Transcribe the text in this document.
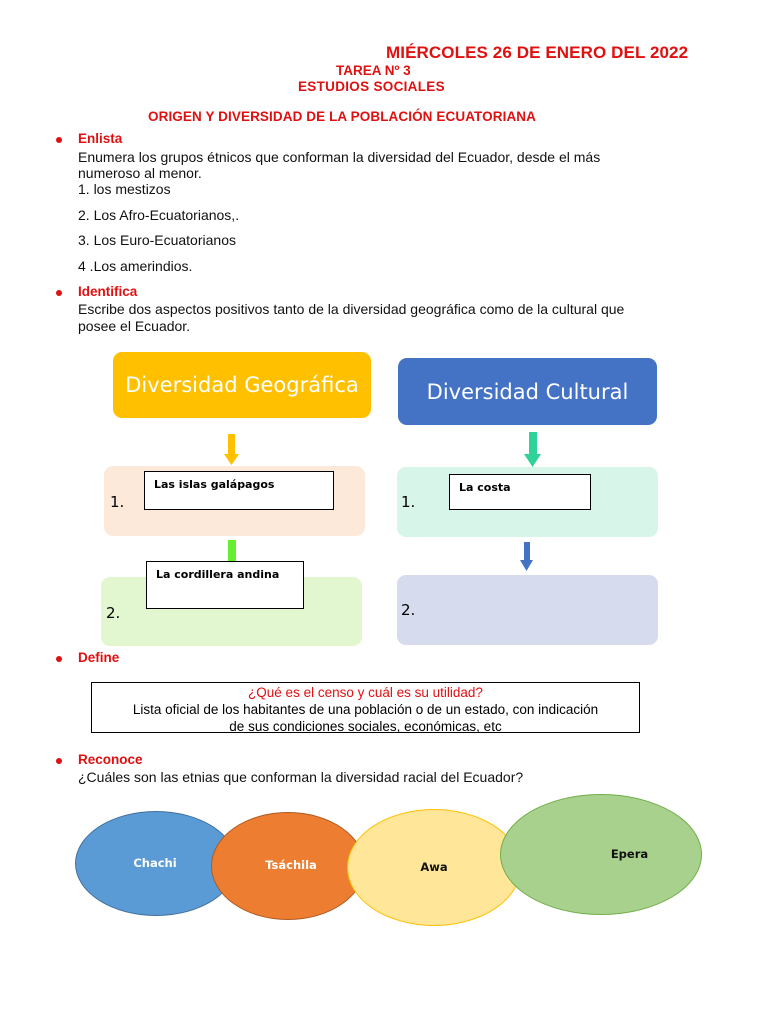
MIÉRCOLES 26 DE ENERO DEL 2022
TAREA Nº 3
ESTUDIOS SOCIALES
ORIGEN Y DIVERSIDAD DE LA POBLACIÓN ECUATORIANA
Enlista
Enumera los grupos étnicos que conforman la diversidad del Ecuador, desde el más
numeroso al menor.
1. los mestizos
2. Los Afro-Ecuatorianos,.
3. Los Euro-Ecuatorianos
4 .Los amerindios.
Identifica
Escribe dos aspectos positivos tanto de la diversidad geográfica como de la cultural que
posee el Ecuador.
Diversidad Geográfica
1.
Las islas galápagos
2.
La cordillera andina
Diversidad Cultural
1.
La costa
2.
Define
¿Qué es el censo y cuál es su utilidad?
Lista oficial de los habitantes de una población o de un estado, con indicación
de sus condiciones sociales, económicas, etc
Reconoce
¿Cuáles son las etnias que conforman la diversidad racial del Ecuador?
Chachi	Tsáchila	Awa
Epera
